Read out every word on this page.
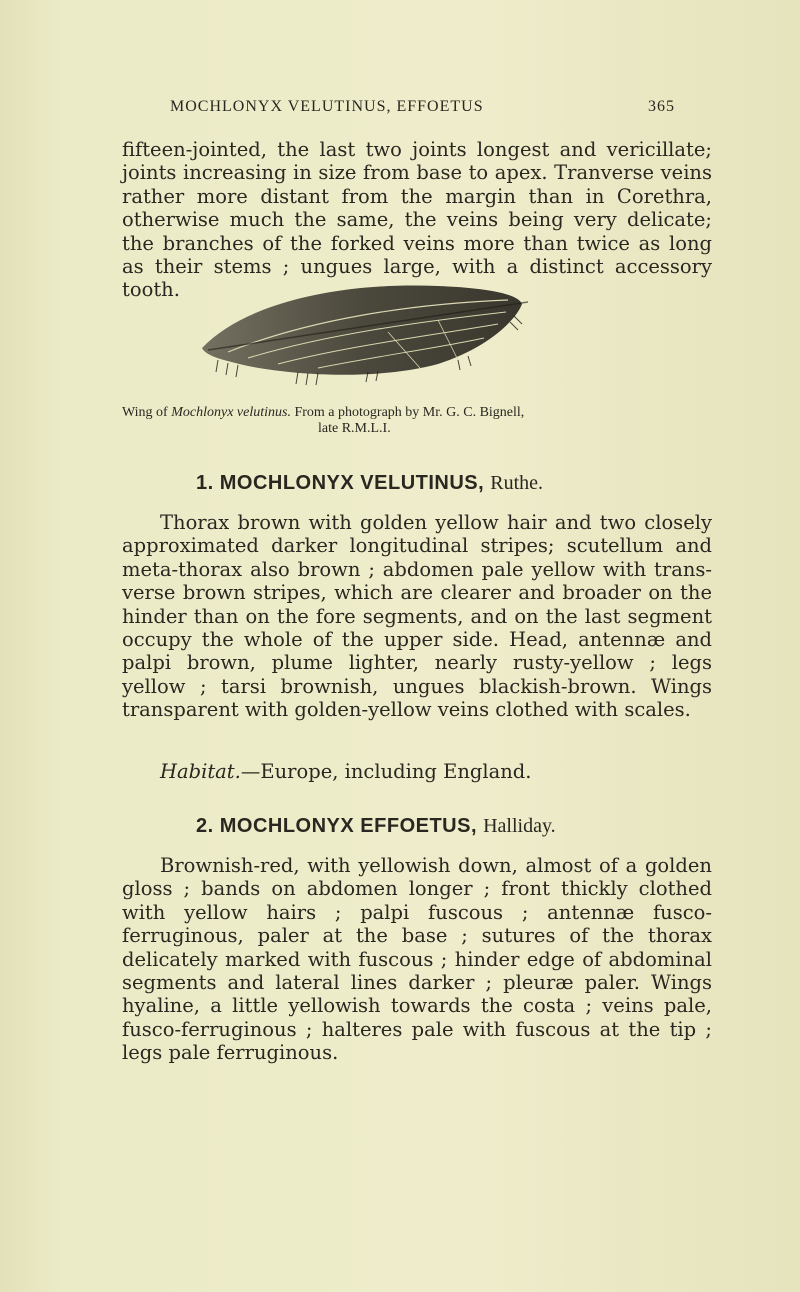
MOCHLONYX VELUTINUS, EFFOETUS	365

fifteen-jointed, the last two joints longest and vericillate; joints increasing in size from base to apex. Tranverse veins rather more distant from the margin than in Corethra, otherwise much the same, the veins being very delicate; the branches of the forked veins more than twice as long as their stems ; ungues large, with a distinct accessory tooth.

Wing of Mochlonyx velutinus. From a photograph by Mr. G. C. Bignell,
late R.M.L.I.
1. MOCHLONYX VELUTINUS, Ruthe.

Thorax brown with golden yellow hair and two closely approximated darker longitudinal stripes; scutellum and meta-thorax also brown ; abdomen pale yellow with trans-verse brown stripes, which are clearer and broader on the hinder than on the fore segments, and on the last segment occupy the whole of the upper side. Head, antennæ and palpi brown, plume lighter, nearly rusty-yellow ; legs yellow ; tarsi brownish, ungues blackish-brown. Wings transparent with golden-yellow veins clothed with scales.

Habitat.—Europe, including England.
2. MOCHLONYX EFFOETUS, Halliday.

Brownish-red, with yellowish down, almost of a golden gloss ; bands on abdomen longer ; front thickly clothed with yellow hairs ; palpi fuscous ; antennæ fusco-ferruginous, paler at the base ; sutures of the thorax delicately marked with fuscous ; hinder edge of abdominal segments and lateral lines darker ; pleuræ paler. Wings hyaline, a little yellowish towards the costa ; veins pale, fusco-ferruginous ; halteres pale with fuscous at the tip ; legs pale ferruginous.
